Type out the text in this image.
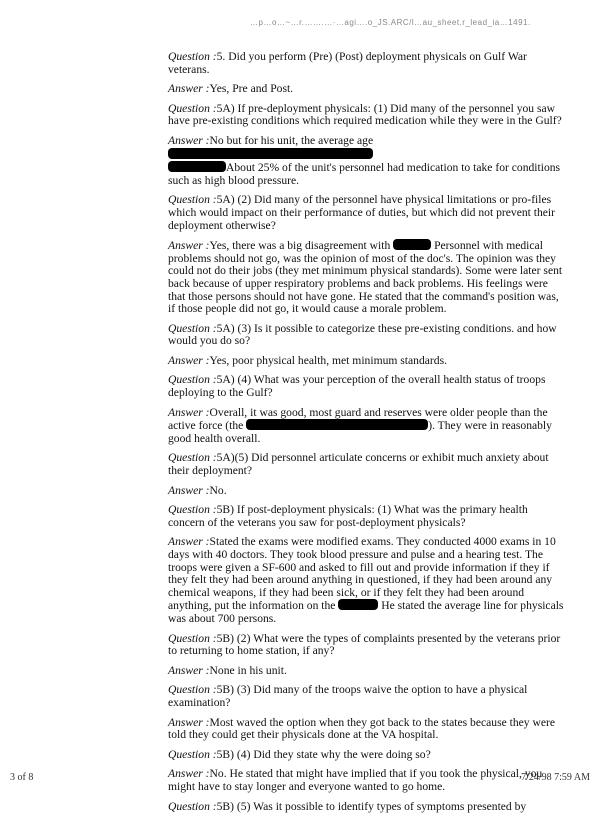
…p…o…~…r.…….…·…agi….o_JS.ARC/l…au_sheet.r_lead_ia…1491.
Question :5. Did you perform (Pre) (Post) deployment physicals on Gulf War veterans.
Answer :Yes, Pre and Post.
Question :5A) If pre-deployment physicals: (1) Did many of the personnel you saw have pre-existing conditions which required medication while they were in the Gulf?
Answer :No but for his unit, the average age
About 25% of the unit's personnel had medication to take for conditions such as high blood pressure.
Question :5A) (2) Did many of the personnel have physical limitations or pro-files which would impact on their performance of duties, but which did not prevent their deployment otherwise?
Answer :Yes, there was a big disagreement with	Personnel with medical problems should not go, was the opinion of most of the doc's. The opinion was they could not do their jobs (they met minimum physical standards). Some were later sent back because of upper respiratory problems and back problems. His feelings were that those persons should not have gone. He stated that the command's position was, if those people did not go, it would cause a morale problem.
Question :5A) (3) Is it possible to categorize these pre-existing conditions. and how would you do so?
Answer :Yes, poor physical health, met minimum standards.
Question :5A) (4) What was your perception of the overall health status of troops deploying to the Gulf?
Answer :Overall, it was good, most guard and reserves were older people than the active force (the	). They were in reasonably good health overall.
Question :5A)(5) Did personnel articulate concerns or exhibit much anxiety about their deployment?
Answer :No.
Question :5B) If post-deployment physicals: (1) What was the primary health concern of the veterans you saw for post-deployment physicals?
Answer :Stated the exams were modified exams. They conducted 4000 exams in 10 days with 40 doctors. They took blood pressure and pulse and a hearing test. The troops were given a SF-600 and asked to fill out and provide information if they if they felt they had been around anything in questioned, if they had been around any chemical weapons, if they had been sick, or if they felt they had been around anything, put the information on the	He stated the average line for physicals was about 700 persons.
Question :5B) (2) What were the types of complaints presented by the veterans prior to returning to home station, if any?
Answer :None in his unit.
Question :5B) (3) Did many of the troops waive the option to have a physical examination?
Answer :Most waved the option when they got back to the states because they were told they could get their physicals done at the VA hospital.
Question :5B) (4) Did they state why the were doing so?
Answer :No. He stated that might have implied that if you took the physical, you might have to stay longer and everyone wanted to go home.
Question :5B) (5) Was it possible to identify types of symptoms presented by
3 of 8	7/24/98 7:59 AM
